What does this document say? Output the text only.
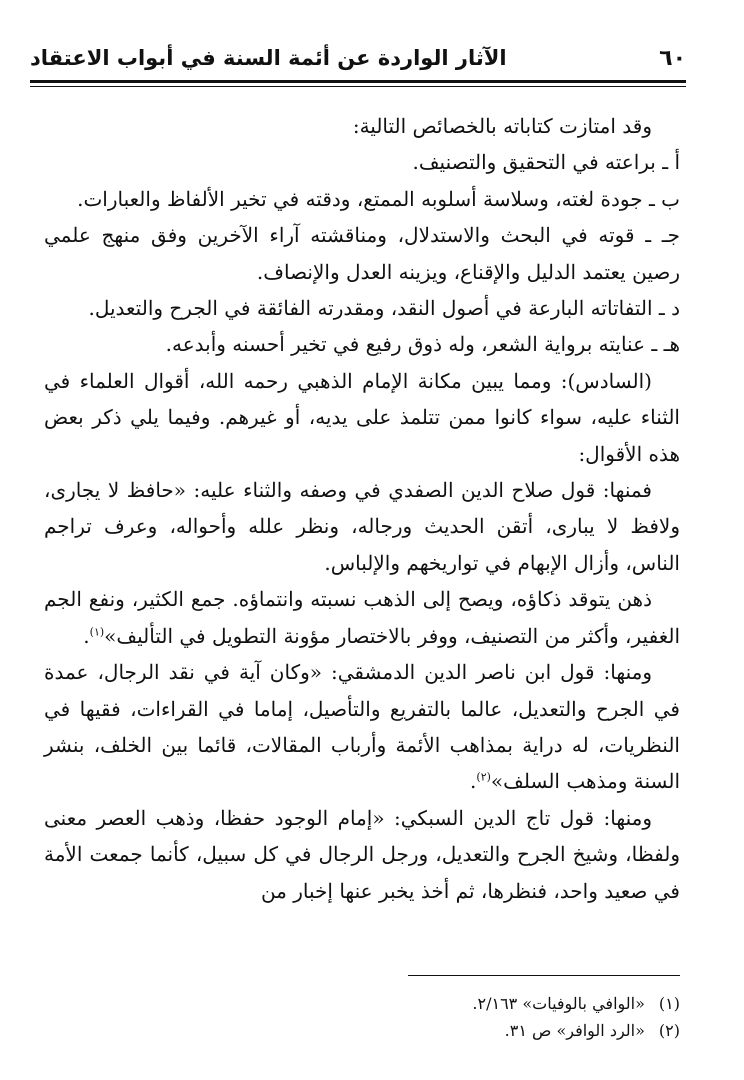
٦٠
الآثار الواردة عن أئمة السنة في أبواب الاعتقاد

وقد امتازت كتاباته بالخصائص التالية:

أ ـ براعته في التحقيق والتصنيف.

ب ـ جودة لغته، وسلاسة أسلوبه الممتع، ودقته في تخير الألفاظ والعبارات.

جـ ـ قوته في البحث والاستدلال، ومناقشته آراء الآخرين وفق منهج علمي رصين يعتمد الدليل والإقناع، ويزينه العدل والإنصاف.

د ـ التفاتاته البارعة في أصول النقد، ومقدرته الفائقة في الجرح والتعديل.

هـ ـ عنايته برواية الشعر، وله ذوق رفيع في تخير أحسنه وأبدعه.

(السادس): ومما يبين مكانة الإمام الذهبي رحمه الله، أقوال العلماء في الثناء عليه، سواء كانوا ممن تتلمذ على يديه، أو غيرهم. وفيما يلي ذكر بعض هذه الأقوال:

فمنها: قول صلاح الدين الصفدي في وصفه والثناء عليه: «حافظ لا يجارى، ولافظ لا يبارى، أتقن الحديث ورجاله، ونظر علله وأحواله، وعرف تراجم الناس، وأزال الإبهام في تواريخهم والإلباس.

ذهن يتوقد ذكاؤه، ويصح إلى الذهب نسبته وانتماؤه. جمع الكثير، ونفع الجم الغفير، وأكثر من التصنيف، ووفر بالاختصار مؤونة التطويل في التأليف»$^{(١)}$.

ومنها: قول ابن ناصر الدين الدمشقي: «وكان آية في نقد الرجال، عمدة في الجرح والتعديل، عالما بالتفريع والتأصيل، إماما في القراءات، فقيها في النظريات، له دراية بمذاهب الأئمة وأرباب المقالات، قائما بين الخلف، بنشر السنة ومذهب السلف»$^{(٢)}$.

ومنها: قول تاج الدين السبكي: «إمام الوجود حفظا، وذهب العصر معنى ولفظا، وشيخ الجرح والتعديل، ورجل الرجال في كل سبيل، كأنما جمعت الأمة في صعيد واحد، فنظرها، ثم أخذ يخبر عنها إخبار من

(١)
«الوافي بالوفيات» ٢/١٦٣.
(٢)
«الرد الوافر» ص ٣١.
